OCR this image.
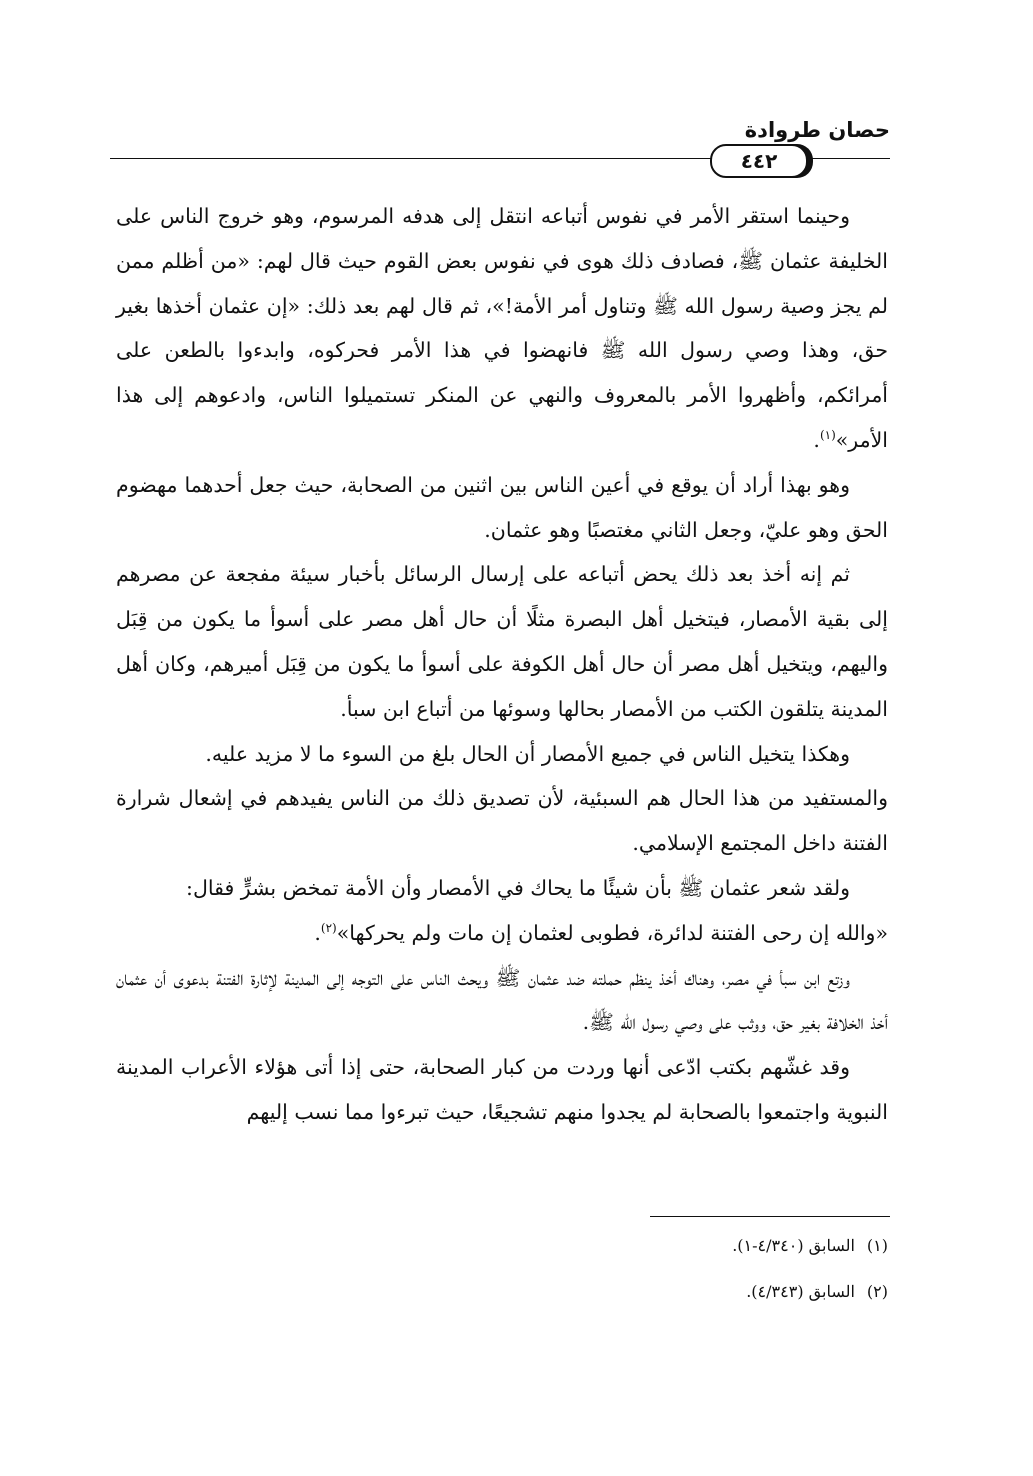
حصان طروادة
٤٤٢

وحينما استقر الأمر في نفوس أتباعه انتقل إلى هدفه المرسوم، وهو خروج الناس على الخليفة عثمان ﷺ، فصادف ذلك هوى في نفوس بعض القوم حيث قال لهم: «من أظلم ممن لم يجز وصية رسول الله ﷺ وتناول أمر الأمة!»، ثم قال لهم بعد ذلك: «إن عثمان أخذها بغير حق، وهذا وصي رسول الله ﷺ فانهضوا في هذا الأمر فحركوه، وابدءوا بالطعن على أمرائكم، وأظهروا الأمر بالمعروف والنهي عن المنكر تستميلوا الناس، وادعوهم إلى هذا الأمر»$^{(١)}$.

وهو بهذا أراد أن يوقع في أعين الناس بين اثنين من الصحابة، حيث جعل أحدهما مهضوم الحق وهو عليّ، وجعل الثاني مغتصبًا وهو عثمان.

ثم إنه أخذ بعد ذلك يحض أتباعه على إرسال الرسائل بأخبار سيئة مفجعة عن مصرهم إلى بقية الأمصار، فيتخيل أهل البصرة مثلًا أن حال أهل مصر على أسوأ ما يكون من قِبَل واليهم، ويتخيل أهل مصر أن حال أهل الكوفة على أسوأ ما يكون من قِبَل أميرهم، وكان أهل المدينة يتلقون الكتب من الأمصار بحالها وسوئها من أتباع ابن سبأ.

وهكذا يتخيل الناس في جميع الأمصار أن الحال بلغ من السوء ما لا مزيد عليه.

والمستفيد من هذا الحال هم السبئية، لأن تصديق ذلك من الناس يفيدهم في إشعال شرارة الفتنة داخل المجتمع الإسلامي.

ولقد شعر عثمان ﷺ بأن شيئًا ما يحاك في الأمصار وأن الأمة تمخض بشرٍّ فقال:

«والله إن رحى الفتنة لدائرة، فطوبى لعثمان إن مات ولم يحركها»$^{(٢)}$.

وزتع ابن سبأ في مصر، وهناك أخذ ينظم حملته ضد عثمان ﷺ ويحث الناس على التوجه إلى المدينة لإثارة الفتنة بدعوى أن عثمان أخذ الخلافة بغير حق، ووثب على وصي رسول الله ﷺ.

وقد غشّهم بكتب ادّعى أنها وردت من كبار الصحابة، حتى إذا أتى هؤلاء الأعراب المدينة النبوية واجتمعوا بالصحابة لم يجدوا منهم تشجيعًا، حيث تبرءوا مما نسب إليهم

(١)السابق (٤/٣٤٠-١).

(٢)السابق (٤/٣٤٣).
